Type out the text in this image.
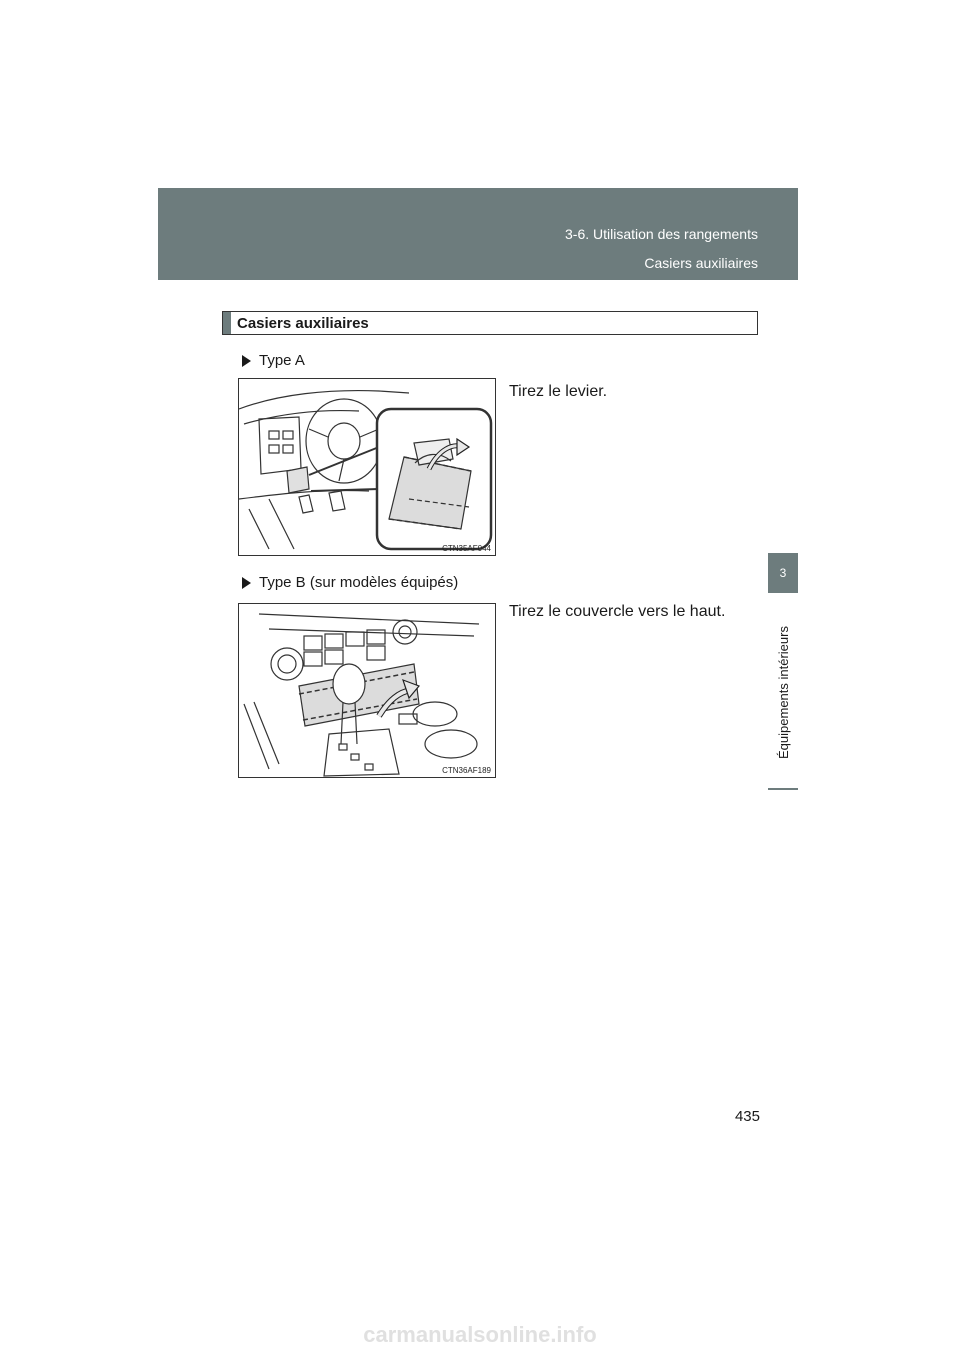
3-6. Utilisation des rangements
Casiers auxiliaires
3
Équipements intérieurs
Casiers auxiliaires
Type A
Tirez le levier.
CTN35AF044
Type B (sur modèles équipés)
Tirez le couvercle vers le haut.
CTN36AF189
435
carmanualsonline.info
